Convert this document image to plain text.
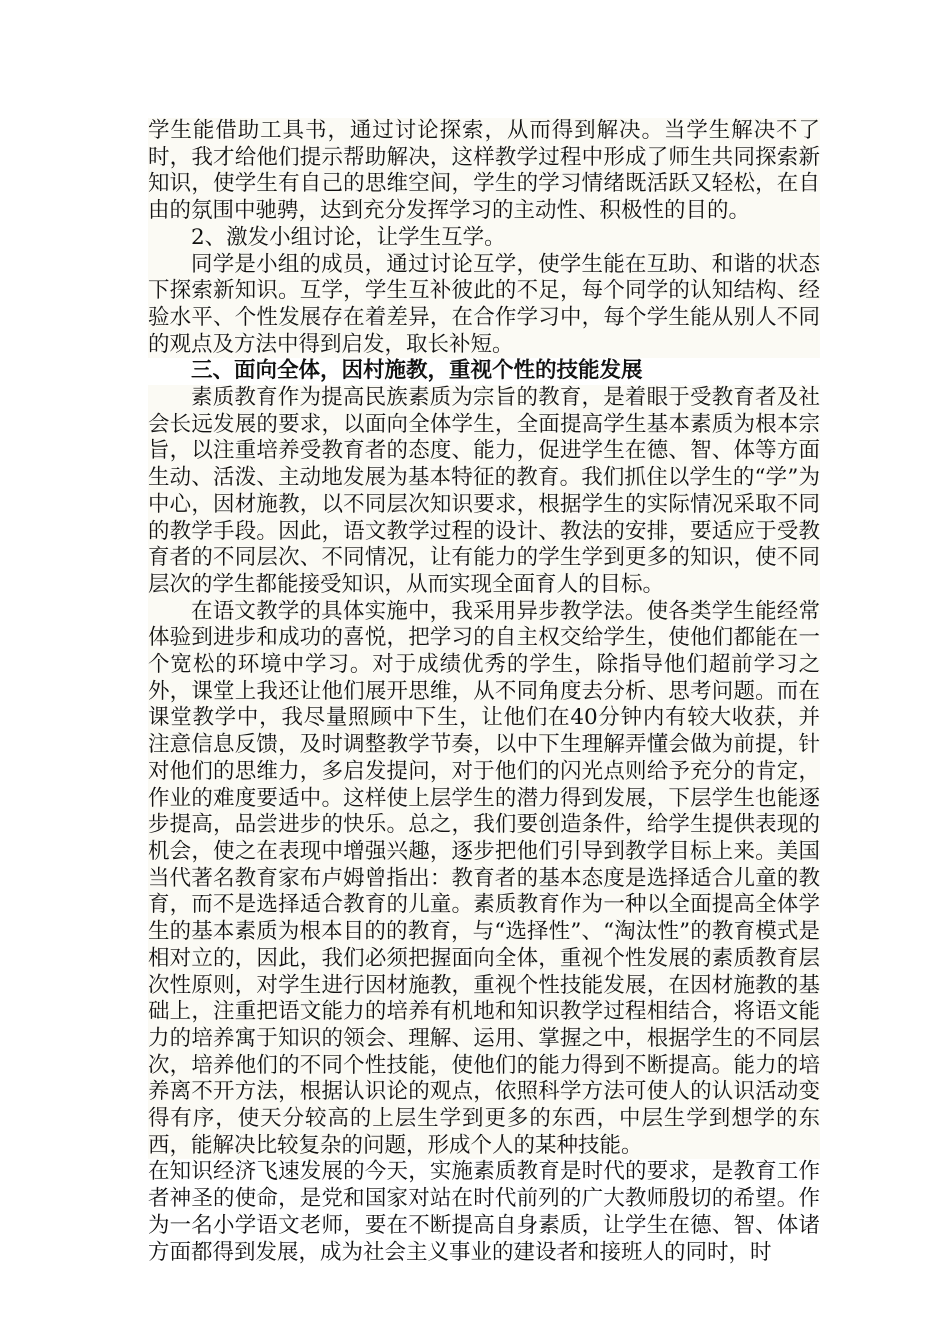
学生能借助工具书，通过讨论探索，从而得到解决。当学生解决不了时，我才给他们提示帮助解决，这样教学过程中形成了师生共同探索新知识，使学生有自己的思维空间，学生的学习情绪既活跃又轻松，在自由的氛围中驰骋，达到充分发挥学习的主动性、积极性的目的。

2、激发小组讨论，让学生互学。

同学是小组的成员，通过讨论互学，使学生能在互助、和谐的状态下探索新知识。互学，学生互补彼此的不足，每个同学的认知结构、经验水平、个性发展存在着差异，在合作学习中，每个学生能从别人不同的观点及方法中得到启发，取长补短。

三、面向全体，因村施教，重视个性的技能发展

素质教育作为提高民族素质为宗旨的教育，是着眼于受教育者及社会长远发展的要求，以面向全体学生，全面提高学生基本素质为根本宗旨，以注重培养受教育者的态度、能力，促进学生在德、智、体等方面生动、活泼、主动地发展为基本特征的教育。我们抓住以学生的“学”为中心，因材施教，以不同层次知识要求，根据学生的实际情况采取不同的教学手段。因此，语文教学过程的设计、教法的安排，要适应于受教育者的不同层次、不同情况，让有能力的学生学到更多的知识，使不同层次的学生都能接受知识，从而实现全面育人的目标。

在语文教学的具体实施中，我采用异步教学法。使各类学生能经常体验到进步和成功的喜悦，把学习的自主权交给学生，使他们都能在一个宽松的环境中学习。对于成绩优秀的学生，除指导他们超前学习之外，课堂上我还让他们展开思维，从不同角度去分析、思考问题。而在课堂教学中，我尽量照顾中下生，让他们在40分钟内有较大收获，并注意信息反馈，及时调整教学节奏，以中下生理解弄懂会做为前提，针对他们的思维力，多启发提问，对于他们的闪光点则给予充分的肯定，作业的难度要适中。这样使上层学生的潜力得到发展，下层学生也能逐步提高，品尝进步的快乐。总之，我们要创造条件，给学生提供表现的机会，使之在表现中增强兴趣，逐步把他们引导到教学目标上来。美国当代著名教育家布卢姆曾指出：教育者的基本态度是选择适合儿童的教育，而不是选择适合教育的儿童。素质教育作为一种以全面提高全体学生的基本素质为根本目的的教育，与“选择性”、“淘汰性”的教育模式是相对立的，因此，我们必须把握面向全体，重视个性发展的素质教育层次性原则，对学生进行因材施教，重视个性技能发展，在因材施教的基础上，注重把语文能力的培养有机地和知识教学过程相结合，将语文能力的培养寓于知识的领会、理解、运用、掌握之中，根据学生的不同层次，培养他们的不同个性技能，使他们的能力得到不断提高。能力的培养离不开方法，根据认识论的观点，依照科学方法可使人的认识活动变得有序，使天分较高的上层生学到更多的东西，中层生学到想学的东西，能解决比较复杂的问题，形成个人的某种技能。

在知识经济飞速发展的今天，实施素质教育是时代的要求，是教育工作者神圣的使命，是党和国家对站在时代前列的广大教师殷切的希望。作为一名小学语文老师，要在不断提高自身素质，让学生在德、智、体诸方面都得到发展，成为社会主义事业的建设者和接班人的同时，时
